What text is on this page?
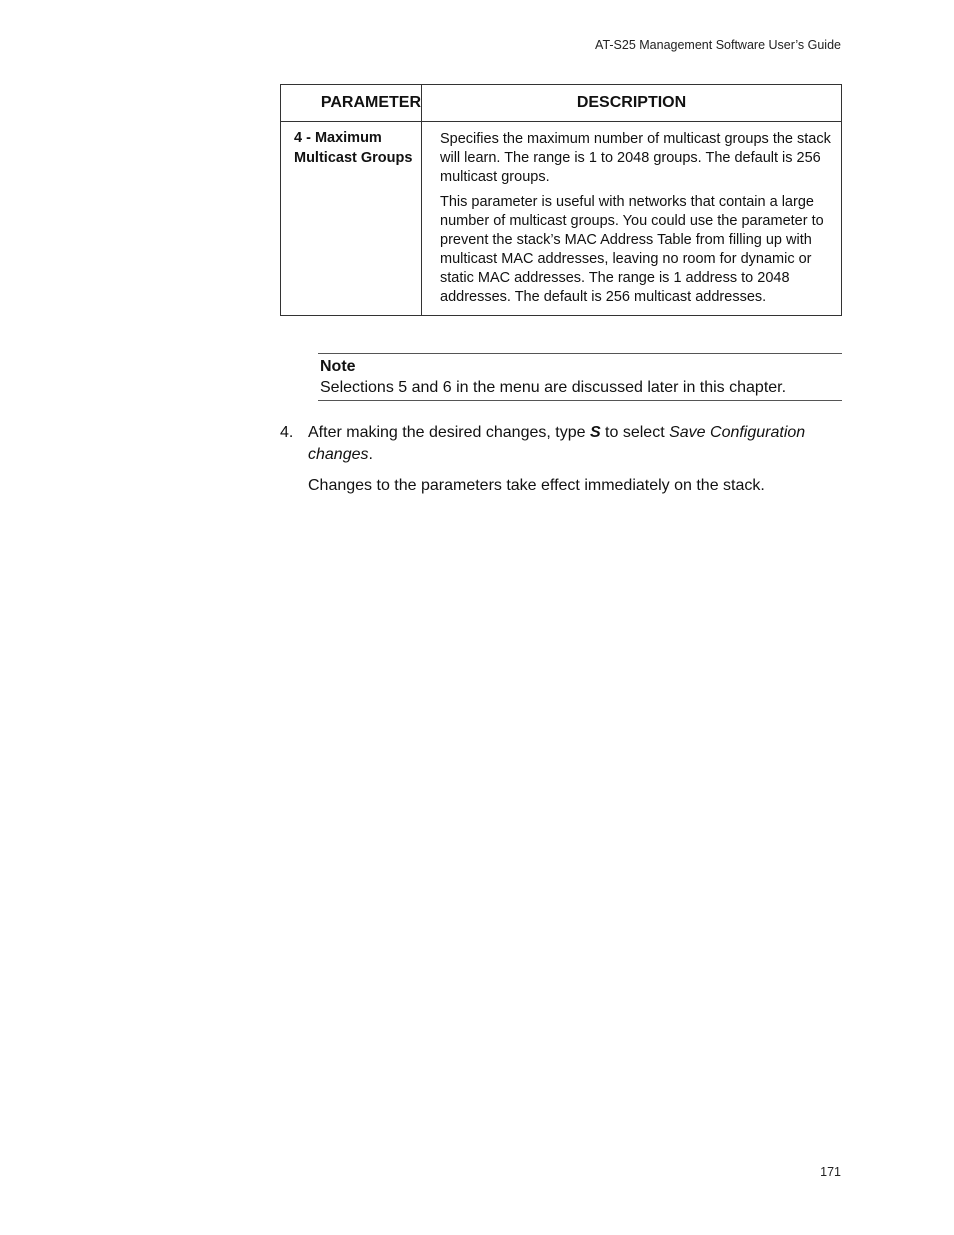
AT-S25 Management Software User’s Guide
PARAMETER	DESCRIPTION
4 - Maximum Multicast Groups	Specifies the maximum number of multicast groups the stack will learn. The range is 1 to 2048 groups. The default is 256 multicast groups.

This parameter is useful with networks that contain a large number of multicast groups. You could use the parameter to prevent the stack’s MAC Address Table from filling up with multicast MAC addresses, leaving no room for dynamic or static MAC addresses. The range is 1 address to 2048 addresses. The default is 256 multicast addresses.

Note
Selections 5 and 6 in the menu are discussed later in this chapter.
4. After making the desired changes, type S to select Save Configuration changes.
Changes to the parameters take effect immediately on the stack.
171
